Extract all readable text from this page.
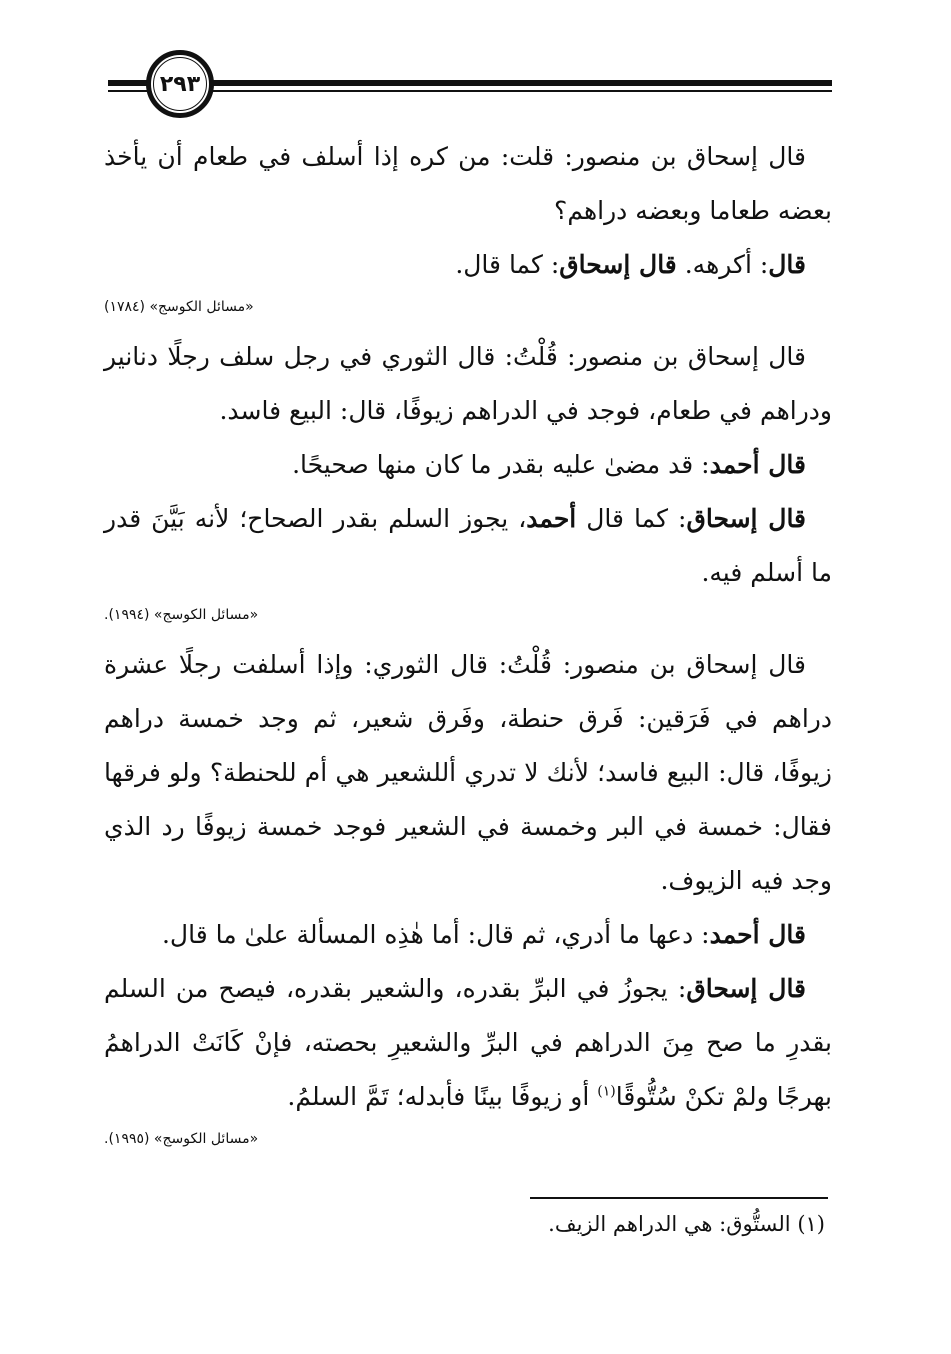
٢٩٣

قال إسحاق بن منصور: قلت: من كره إذا أسلف في طعام أن يأخذ بعضه طعاما وبعضه دراهم؟

قال: أكرهه. قال إسحاق: كما قال.

«مسائل الكوسج» (١٧٨٤)

قال إسحاق بن منصور: قُلْتُ: قال الثوري في رجل سلف رجلًا دنانير ودراهم في طعام، فوجد في الدراهم زيوفًا، قال: البيع فاسد.

قال أحمد: قد مضىٰ عليه بقدر ما كان منها صحيحًا.

قال إسحاق: كما قال أحمد، يجوز السلم بقدر الصحاح؛ لأنه بَيَّنَ قدر ما أسلم فيه.

«مسائل الكوسج» (١٩٩٤).

قال إسحاق بن منصور: قُلْتُ: قال الثوري: وإذا أسلفت رجلًا عشرة دراهم في فَرَقين: فَرق حنطة، وفَرق شعير، ثم وجد خمسة دراهم زيوفًا، قال: البيع فاسد؛ لأنك لا تدري أللشعير هي أم للحنطة؟ ولو فرقها فقال: خمسة في البر وخمسة في الشعير فوجد خمسة زيوفًا رد الذي وجد فيه الزيوف.

قال أحمد: دعها ما أدري، ثم قال: أما هٰذِه المسألة علىٰ ما قال.

قال إسحاق: يجوزُ في البرِّ بقدره، والشعير بقدره، فيصح من السلم بقدرِ ما صح مِنَ الدراهم في البرِّ والشعيرِ بحصته، فإنْ كَانَتْ الدراهمُ بهرجًا ولمْ تكنْ سُتُّوقًا$^{(١)}$ أو زيوفًا بينًا فأبدله؛ تَمَّ السلمُ.

«مسائل الكوسج» (١٩٩٥).

(١) الستُّوق: هي الدراهم الزيف.
